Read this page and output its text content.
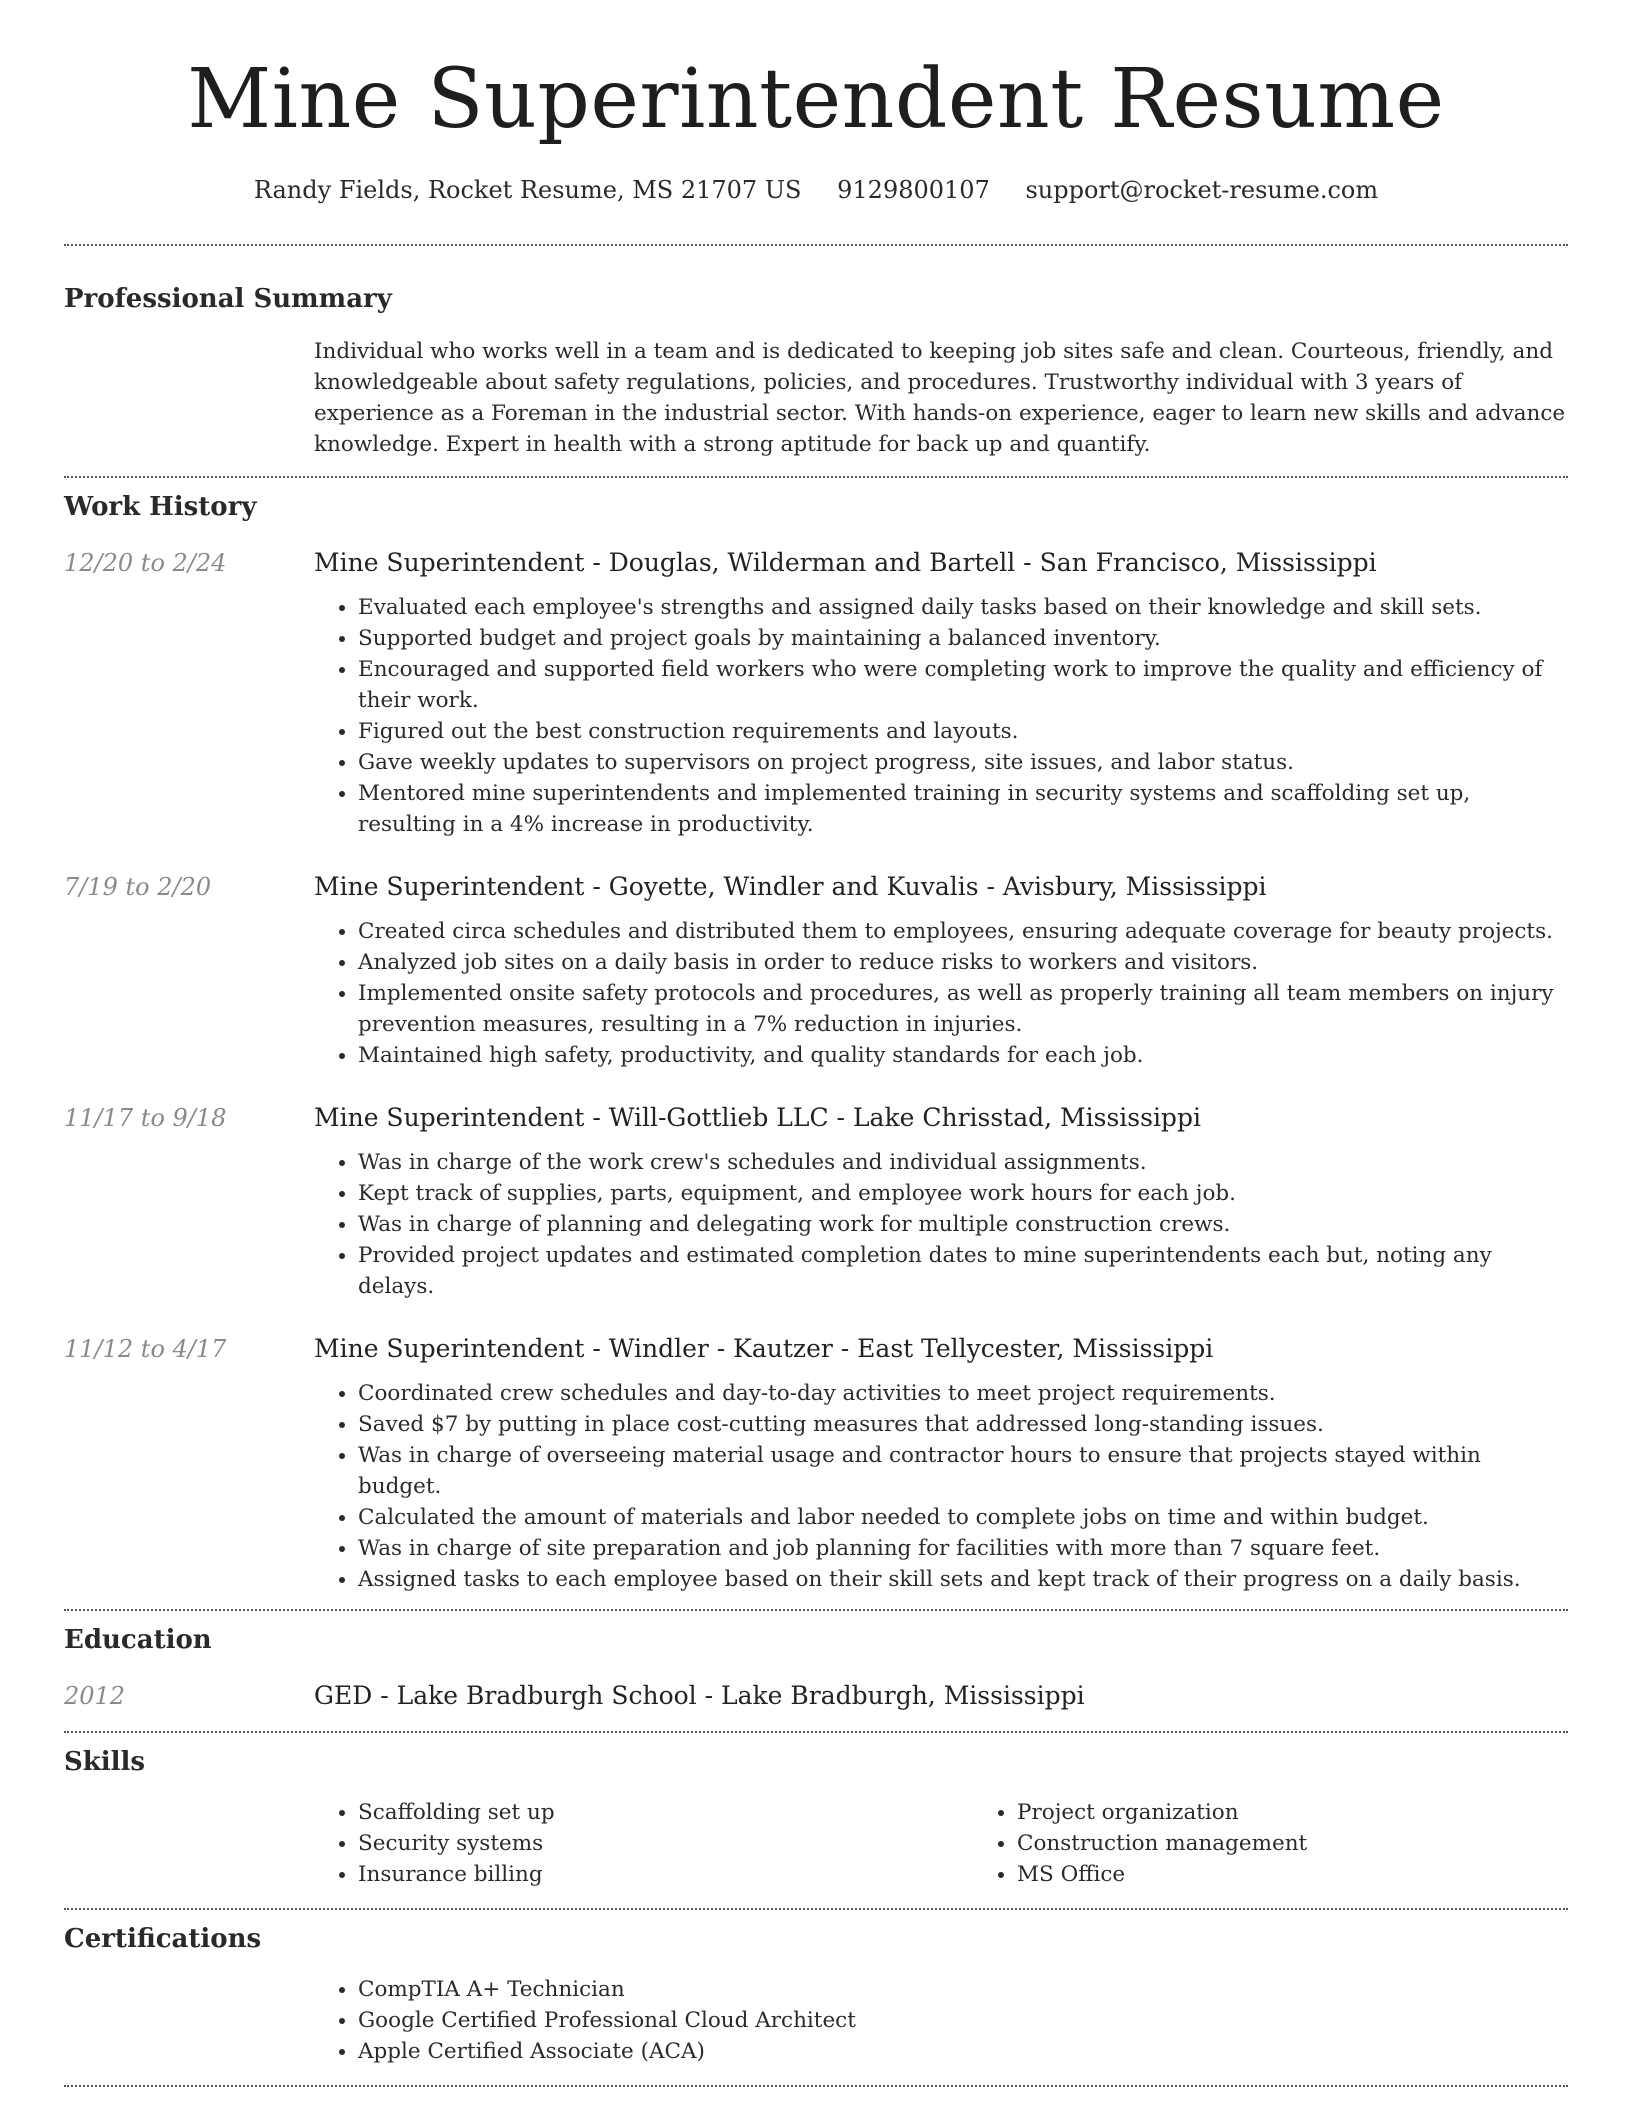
Mine Superintendent Resume
Randy Fields, Rocket Resume, MS 21707 US 9129800107 support@rocket-resume.com
Professional Summary
Individual who works well in a team and is dedicated to keeping job sites safe and clean. Courteous, friendly, and knowledgeable about safety regulations, policies, and procedures. Trustworthy individual with 3 years of experience as a Foreman in the industrial sector. With hands-on experience, eager to learn new skills and advance knowledge. Expert in health with a strong aptitude for back up and quantify.
Work History
12/20 to 2/24	Mine Superintendent - Douglas, Wilderman and Bartell - San Francisco, Mississippi
• Evaluated each employee's strengths and assigned daily tasks based on their knowledge and skill sets.
• Supported budget and project goals by maintaining a balanced inventory.
• Encouraged and supported field workers who were completing work to improve the quality and efficiency of their work.
• Figured out the best construction requirements and layouts.
• Gave weekly updates to supervisors on project progress, site issues, and labor status.
• Mentored mine superintendents and implemented training in security systems and scaffolding set up, resulting in a 4% increase in productivity.
7/19 to 2/20	Mine Superintendent - Goyette, Windler and Kuvalis - Avisbury, Mississippi
• Created circa schedules and distributed them to employees, ensuring adequate coverage for beauty projects.
• Analyzed job sites on a daily basis in order to reduce risks to workers and visitors.
• Implemented onsite safety protocols and procedures, as well as properly training all team members on injury prevention measures, resulting in a 7% reduction in injuries.
• Maintained high safety, productivity, and quality standards for each job.
11/17 to 9/18	Mine Superintendent - Will-Gottlieb LLC - Lake Chrisstad, Mississippi
• Was in charge of the work crew's schedules and individual assignments.
• Kept track of supplies, parts, equipment, and employee work hours for each job.
• Was in charge of planning and delegating work for multiple construction crews.
• Provided project updates and estimated completion dates to mine superintendents each but, noting any delays.
11/12 to 4/17	Mine Superintendent - Windler - Kautzer - East Tellycester, Mississippi
• Coordinated crew schedules and day-to-day activities to meet project requirements.
• Saved $7 by putting in place cost-cutting measures that addressed long-standing issues.
• Was in charge of overseeing material usage and contractor hours to ensure that projects stayed within budget.
• Calculated the amount of materials and labor needed to complete jobs on time and within budget.
• Was in charge of site preparation and job planning for facilities with more than 7 square feet.
• Assigned tasks to each employee based on their skill sets and kept track of their progress on a daily basis.
Education
2012	GED - Lake Bradburgh School - Lake Bradburgh, Mississippi
Skills
• Scaffolding set up
• Security systems
• Insurance billing
• Project organization
• Construction management
• MS Office
Certifications
• CompTIA A+ Technician
• Google Certified Professional Cloud Architect
• Apple Certified Associate (ACA)
